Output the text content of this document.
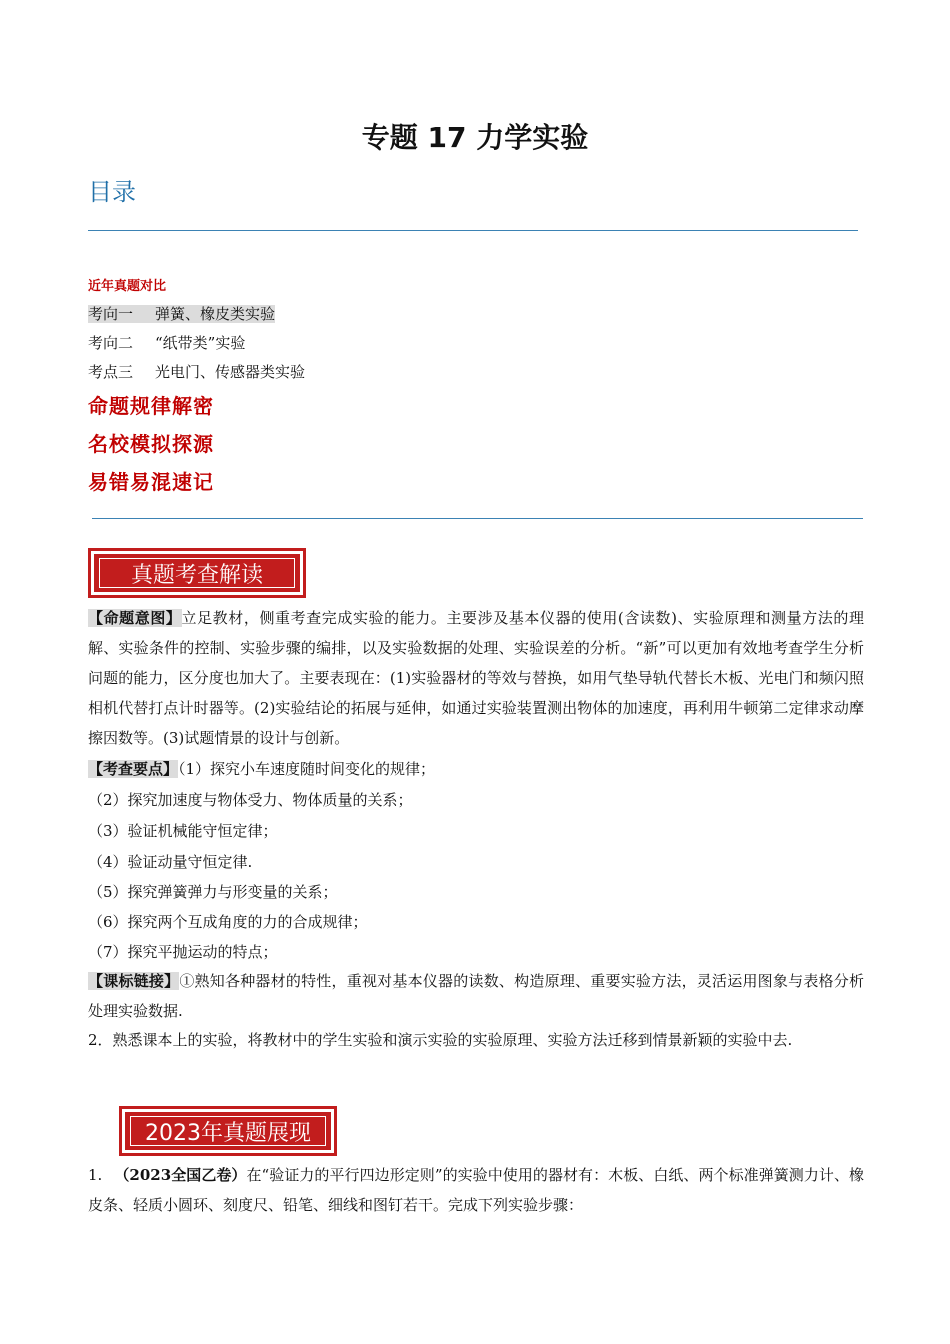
专题 17 力学实验
目录
近年真题对比
考向一 弹簧、橡皮类实验
考向二 “纸带类”实验
考点三 光电门、传感器类实验
命题规律解密
名校模拟探源
易错易混速记
真题考查解读
【命题意图】立足教材，侧重考查完成实验的能力。主要涉及基本仪器的使用(含读数)、实验原理和测量方法的理解、实验条件的控制、实验步骤的编排，以及实验数据的处理、实验误差的分析。“新”可以更加有效地考查学生分析问题的能力，区分度也加大了。主要表现在：(1)实验器材的等效与替换，如用气垫导轨代替长木板、光电门和频闪照相机代替打点计时器等。(2)实验结论的拓展与延伸，如通过实验装置测出物体的加速度，再利用牛顿第二定律求动摩擦因数等。(3)试题情景的设计与创新。
【考查要点】（1）探究小车速度随时间变化的规律；
（2）探究加速度与物体受力、物体质量的关系；
（3）验证机械能守恒定律；
（4）验证动量守恒定律.
（5）探究弹簧弹力与形变量的关系；
（6）探究两个互成角度的力的合成规律；
（7）探究平抛运动的特点；
【课标链接】①熟知各种器材的特性，重视对基本仪器的读数、构造原理、重要实验方法，灵活运用图象与表格分析处理实验数据.
2．熟悉课本上的实验，将教材中的学生实验和演示实验的实验原理、实验方法迁移到情景新颖的实验中去.
2023年真题展现
1. （2023全国乙卷）在“验证力的平行四边形定则”的实验中使用的器材有：木板、白纸、两个标准弹簧测力计、橡皮条、轻质小圆环、刻度尺、铅笔、细线和图钉若干。完成下列实验步骤：
